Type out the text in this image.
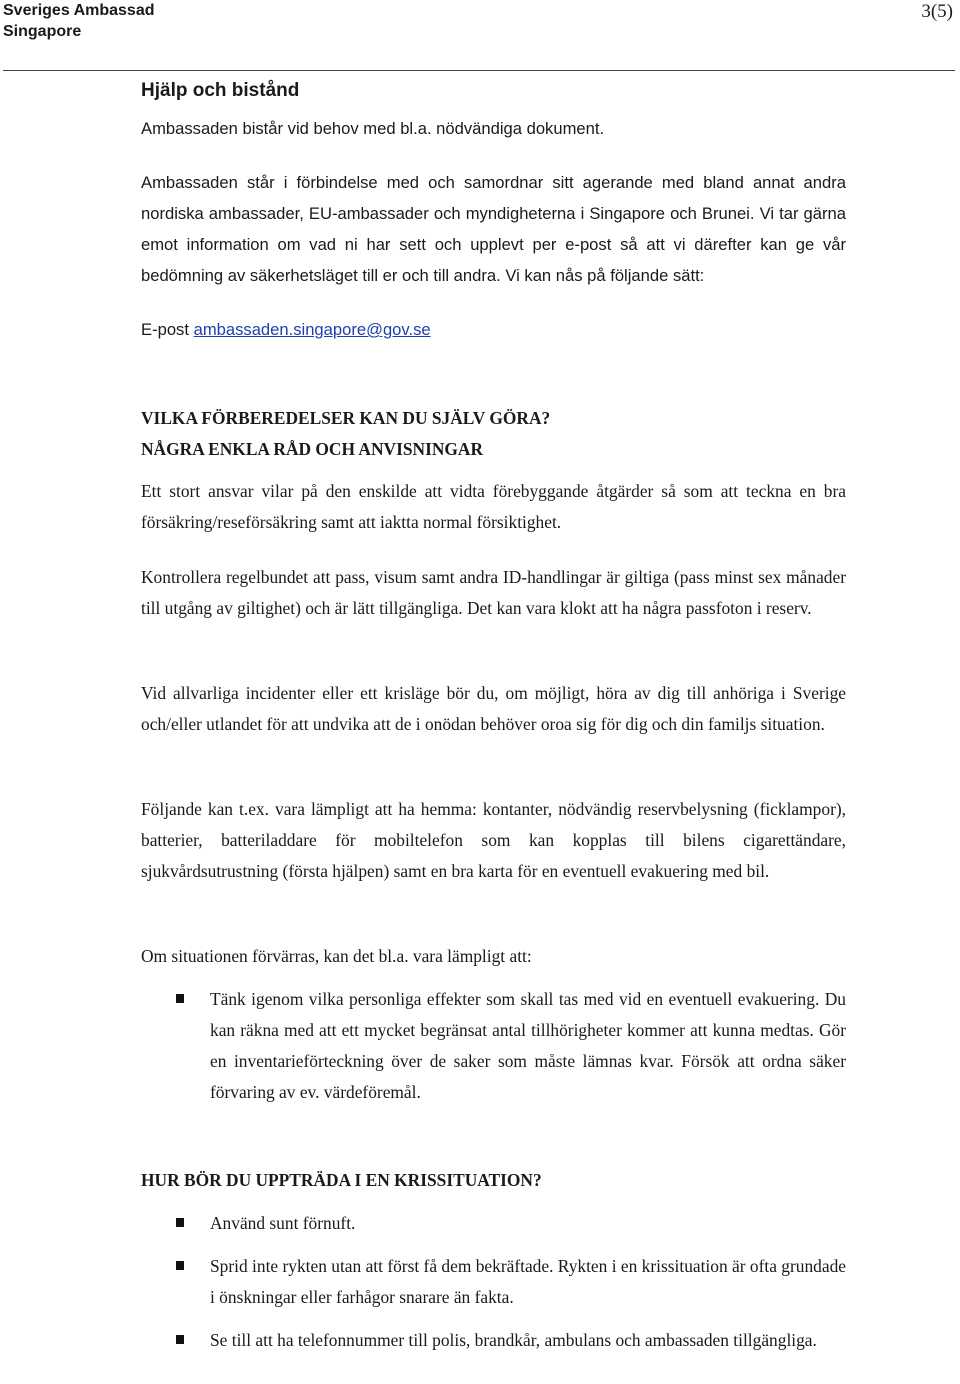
Sveriges Ambassad
Singapore
3(5)
Hjälp och bistånd

Ambassaden bistår vid behov med bl.a. nödvändiga dokument.

Ambassaden står i förbindelse med och samordnar sitt agerande med bland annat andra nordiska ambassader, EU-ambassader och myndigheterna i Singapore och Brunei. Vi tar gärna emot information om vad ni har sett och upplevt per e-post så att vi därefter kan ge vår bedömning av säkerhetsläget till er och till andra. Vi kan nås på följande sätt:

E-post ambassaden.singapore@gov.se

VILKA FÖRBEREDELSER KAN DU SJÄLV GÖRA?
NÅGRA ENKLA RÅD OCH ANVISNINGAR

Ett stort ansvar vilar på den enskilde att vidta förebyggande åtgärder så som att teckna en bra försäkring/reseförsäkring samt att iaktta normal försiktighet.

Kontrollera regelbundet att pass, visum samt andra ID-handlingar är giltiga (pass minst sex månader till utgång av giltighet) och är lätt tillgängliga. Det kan vara klokt att ha några passfoton i reserv.

Vid allvarliga incidenter eller ett krisläge bör du, om möjligt, höra av dig till anhöriga i Sverige och/eller utlandet för att undvika att de i onödan behöver oroa sig för dig och din familjs situation.

Följande kan t.ex. vara lämpligt att ha hemma: kontanter, nödvändig reservbelysning (ficklampor), batterier, batteriladdare för mobiltelefon som kan kopplas till bilens cigarettändare, sjukvårdsutrustning (första hjälpen) samt en bra karta för en eventuell evakuering med bil.

Om situationen förvärras, kan det bl.a. vara lämpligt att:

Tänk igenom vilka personliga effekter som skall tas med vid en eventuell evakuering. Du kan räkna med att ett mycket begränsat antal tillhörigheter kommer att kunna medtas. Gör en inventarieförteckning över de saker som måste lämnas kvar. Försök att ordna säker förvaring av ev. värdeföremål.

HUR BÖR DU UPPTRÄDA I EN KRISSITUATION?

Använd sunt förnuft.

Sprid inte rykten utan att först få dem bekräftade. Rykten i en krissituation är ofta grundade i önskningar eller farhågor snarare än fakta.

Se till att ha telefonnummer till polis, brandkår, ambulans och ambassaden tillgängliga.
